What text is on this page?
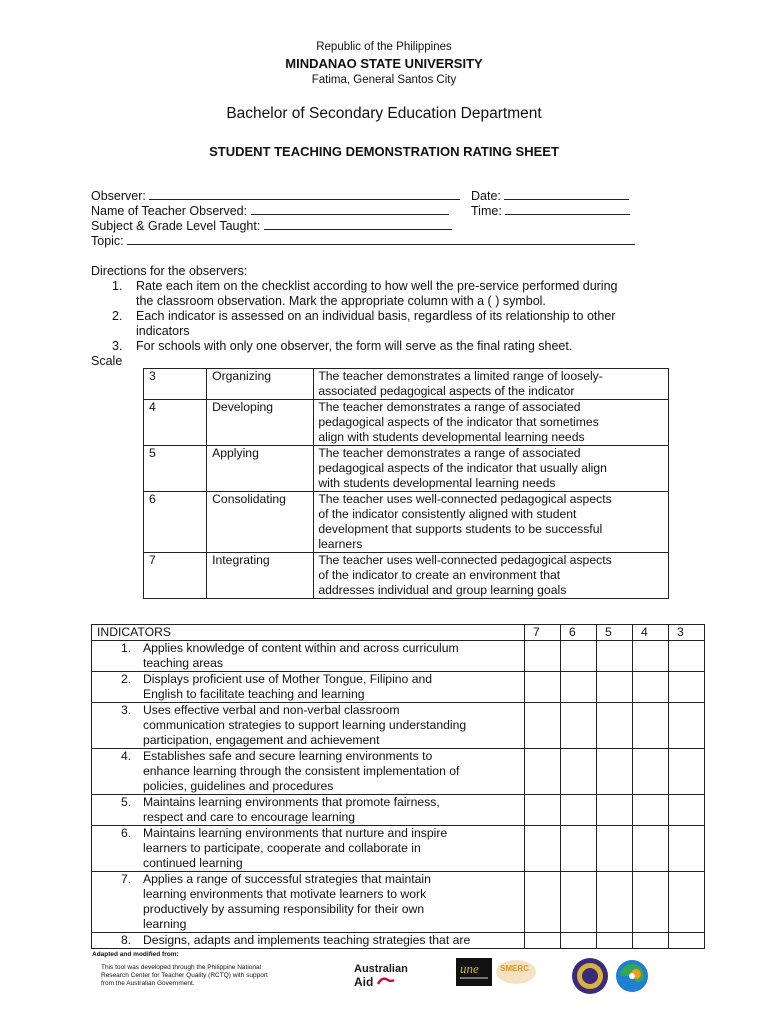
Republic of the Philippines
MINDANAO STATE UNIVERSITY
Fatima, General Santos City
Bachelor of Secondary Education Department
STUDENT TEACHING DEMONSTRATION RATING SHEET
Observer:	Date:
Name of Teacher Observed:	Time:
Subject & Grade Level Taught:
Topic:
Directions for the observers:
1. Rate each item on the checklist according to how well the pre-service performed during
the classroom observation. Mark the appropriate column with a ( ) symbol.
2. Each indicator is assessed on an individual basis, regardless of its relationship to other
indicators
3. For schools with only one observer, the form will serve as the final rating sheet.
Scale
3	Organizing	The teacher demonstrates a limited range of loosely-
associated pedagogical aspects of the indicator

4	Developing	The teacher demonstrates a range of associated
pedagogical aspects of the indicator that sometimes
align with students developmental learning needs

5	Applying	The teacher demonstrates a range of associated
pedagogical aspects of the indicator that usually align
with students developmental learning needs

6	Consolidating	The teacher uses well-connected pedagogical aspects
of the indicator consistently aligned with student
development that supports students to be successful
learners

7	Integrating	The teacher uses well-connected pedagogical aspects
of the indicator to create an environment that
addresses individual and group learning goals
INDICATORS	7	6	5	4	3

1. Applies knowledge of content within and across curriculum
teaching areas					

2. Displays proficient use of Mother Tongue, Filipino and
English to facilitate teaching and learning					

3. Uses effective verbal and non-verbal classroom
communication strategies to support learning understanding
participation, engagement and achievement					

4. Establishes safe and secure learning environments to
enhance learning through the consistent implementation of
policies, guidelines and procedures					

5. Maintains learning environments that promote fairness,
respect and care to encourage learning					

6. Maintains learning environments that nurture and inspire
learners to participate, cooperate and collaborate in
continued learning					

7. Applies a range of successful strategies that maintain
learning environments that motivate learners to work
productively by assuming responsibility for their own
learning					

8. Designs, adapts and implements teaching strategies that are					

Adapted and modified from:
This tool was developed through the Philippine National
Research Center for Teacher Quality (RCTQ) with support
from the Australian Government.
Australian
Aid
une	SMERC
